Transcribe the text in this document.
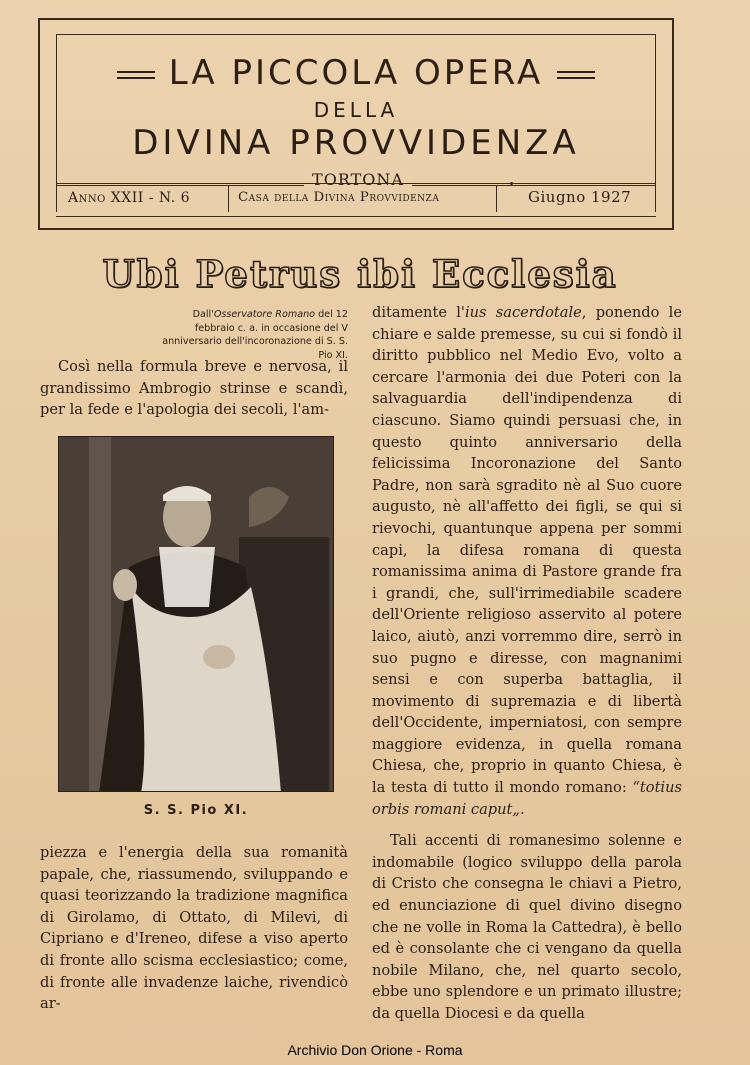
LA PICCOLA OPERA
DELLA
DIVINA PROVVIDENZA
TORTONA
Anno XXII - N. 6	Casa della Divina Provvidenza	Giugno 1927
Ubi Petrus ibi Ecclesia
Dall'Osservatore Romano del 12 febbraio c. a. in occasione del V anniversario dell'incoronazione di S. S. Pio XI.

Così nella formula breve e nervosa, il grandissimo Ambrogio strinse e scandì, per la fede e l'apologia dei secoli, l'am-

S. S. Pio XI.

piezza e l'energia della sua romanità papale, che, riassumendo, sviluppando e quasi teorizzando la tradizione magnifica di Girolamo, di Ottato, di Milevi, di Cipriano e d'Ireneo, difese a viso aperto di fronte allo scisma ecclesiastico; come, di fronte alle invadenze laiche, rivendicò ar-

ditamente l'ius sacerdotale, ponendo le chiare e salde premesse, su cui si fondò il diritto pubblico nel Medio Evo, volto a cercare l'armonia dei due Poteri con la salvaguardia dell'indipendenza di ciascuno. Siamo quindi persuasi che, in questo quinto anniversario della felicissima Incoronazione del Santo Padre, non sarà sgradito nè al Suo cuore augusto, nè all'affetto dei figli, se qui si rievochi, quantunque appena per sommi capi, la difesa romana di questa romanissima anima di Pastore grande fra i grandi, che, sull'irrimediabile scadere dell'Oriente religioso asservito al potere laico, aiutò, anzi vorremmo dire, serrò in suo pugno e diresse, con magnanimi sensi e con superba battaglia, il movimento di supremazia e di libertà dell'Occidente, imperniatosi, con sempre maggiore evidenza, in quella romana Chiesa, che, proprio in quanto Chiesa, è la testa di tutto il mondo romano: “totius orbis romani caput„.

Tali accenti di romanesimo solenne e indomabile (logico sviluppo della parola di Cristo che consegna le chiavi a Pietro, ed enunciazione di quel divino disegno che ne volle in Roma la Cattedra), è bello ed è consolante che ci vengano da quella nobile Milano, che, nel quarto secolo, ebbe uno splendore e un primato illustre; da quella Diocesi e da quella

Archivio Don Orione - Roma
